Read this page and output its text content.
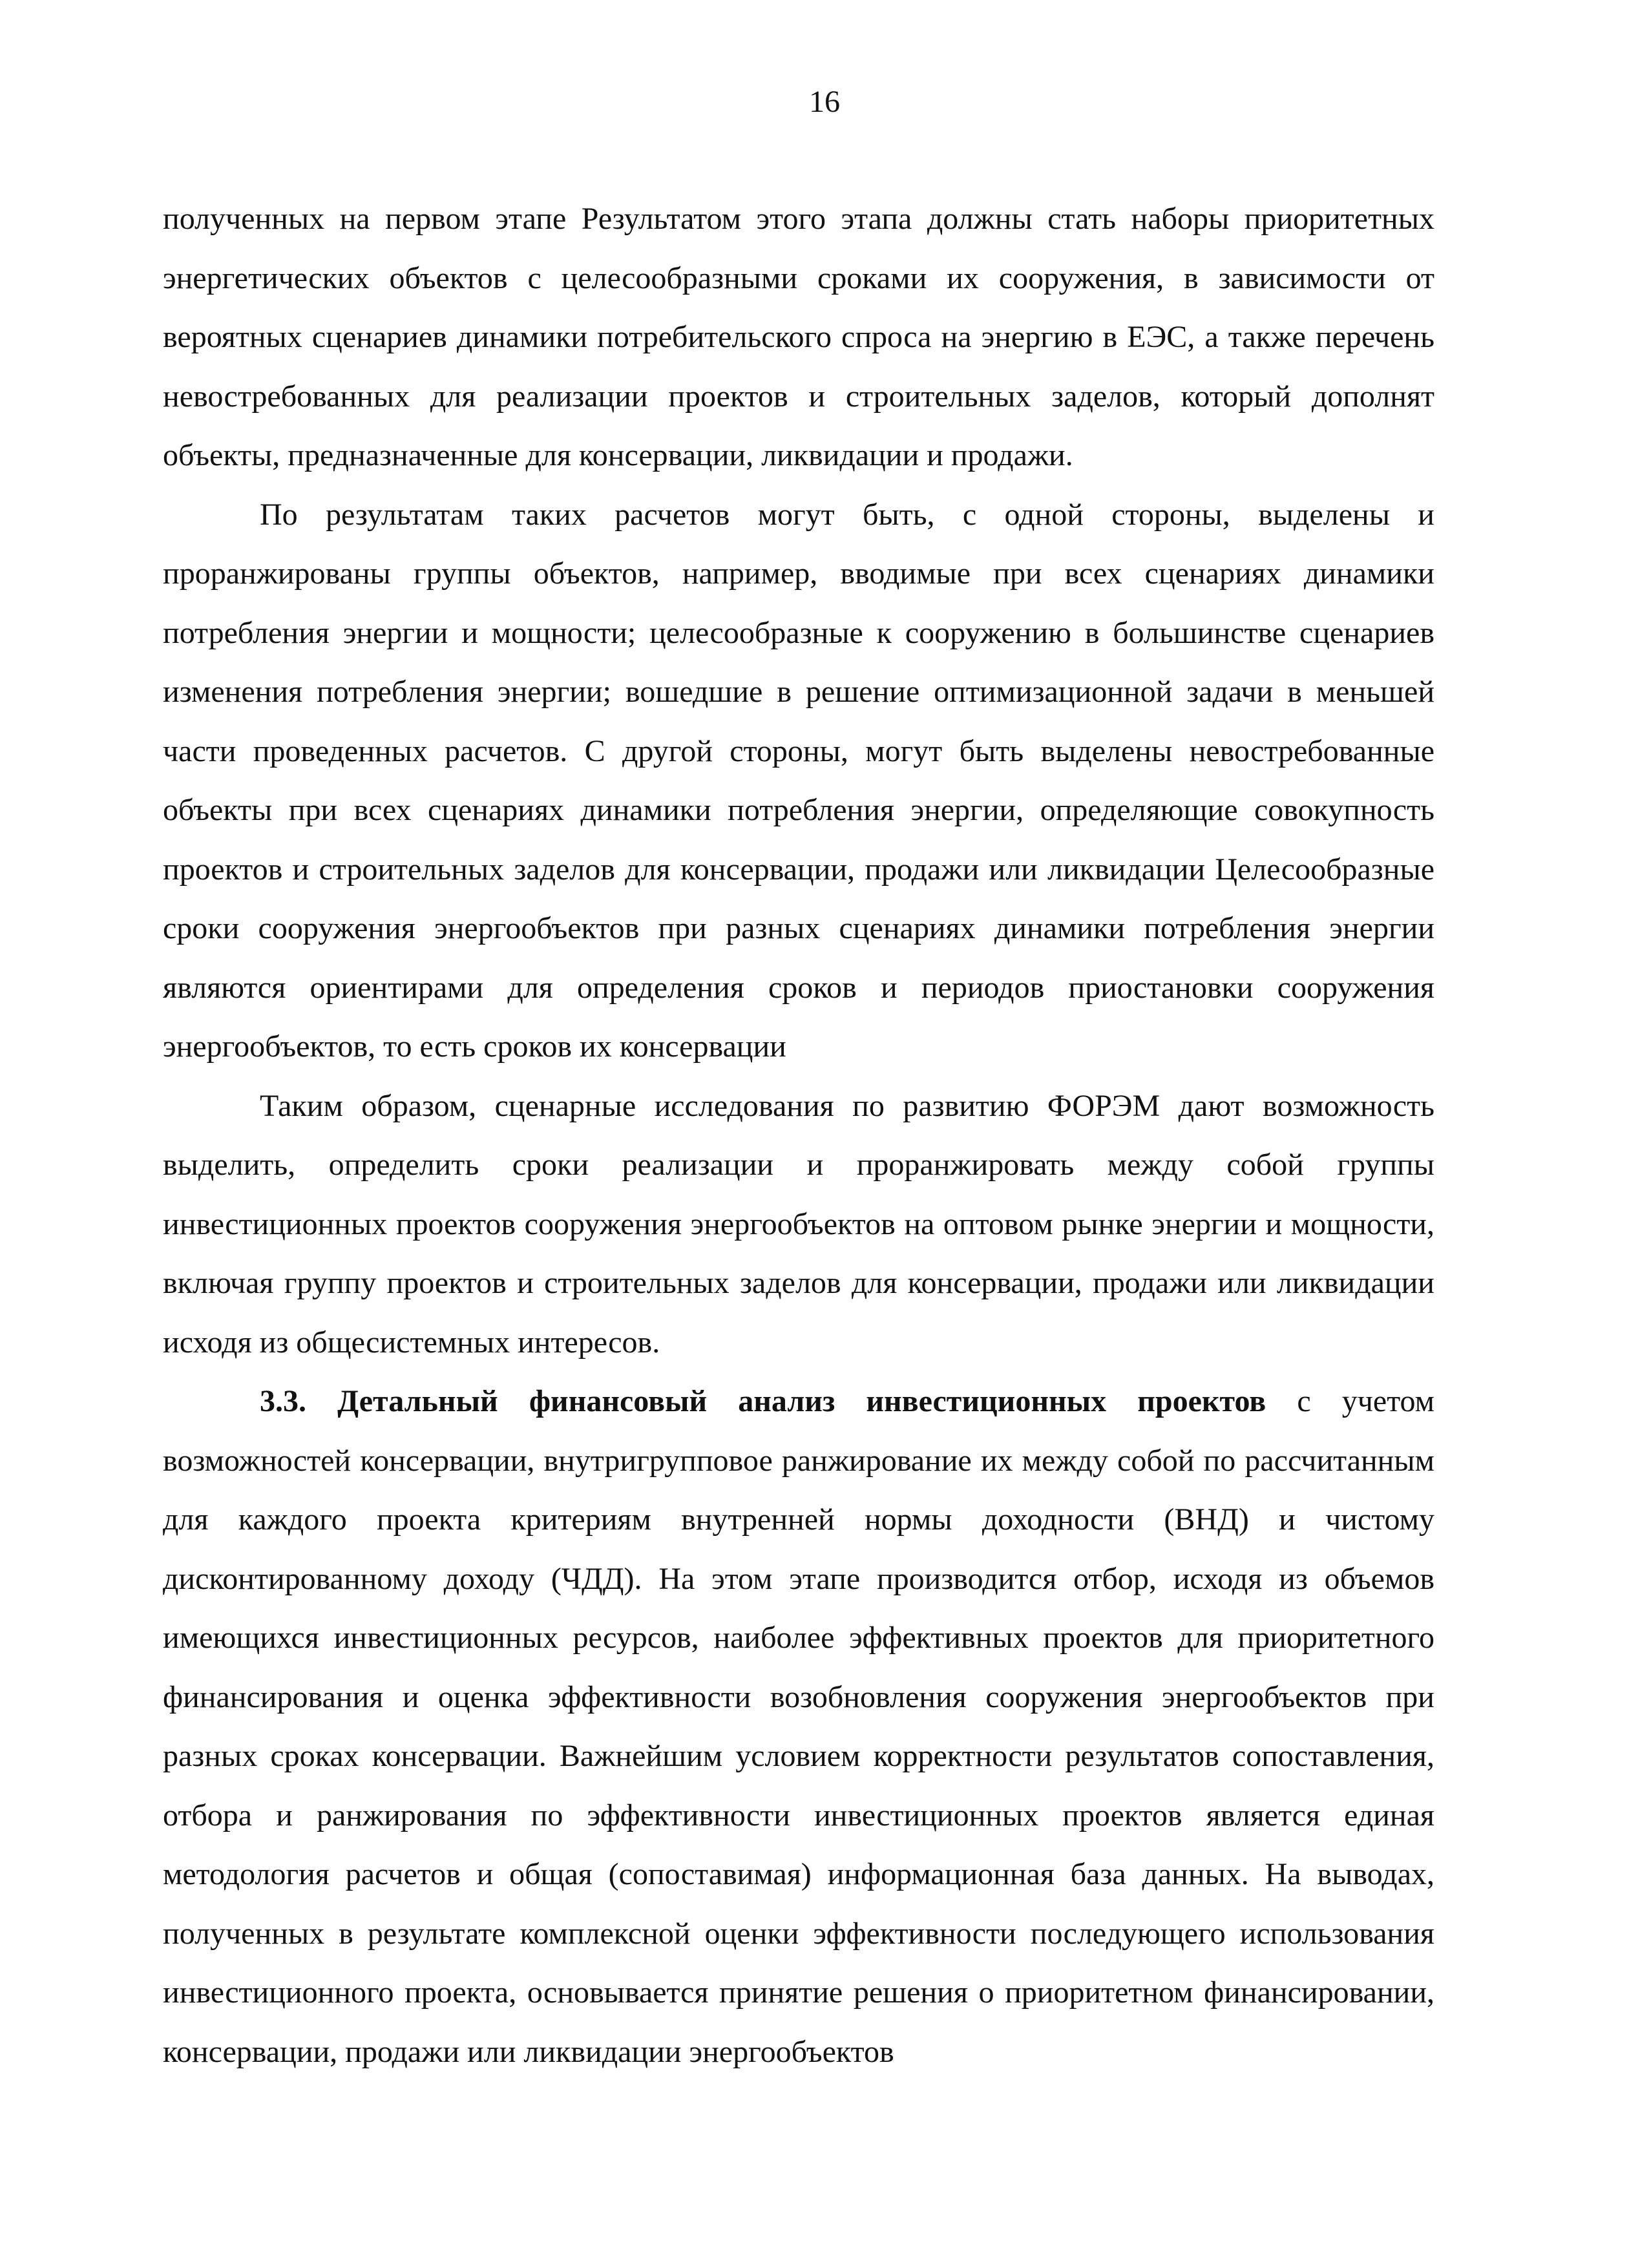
16

полученных на первом этапе Результатом этого этапа должны стать наборы приоритетных энергетических объектов с целесообразными сроками их сооружения, в зависимости от вероятных сценариев динамики потребительского спроса на энергию в ЕЭС, а также перечень невостребованных для реализации проектов и строительных заделов, который дополнят объекты, предназначенные для консервации, ликвидации и продажи.

По результатам таких расчетов могут быть, с одной стороны, выделены и проранжированы группы объектов, например, вводимые при всех сценариях динамики потребления энергии и мощности; целесообразные к сооружению в большинстве сценариев изменения потребления энергии; вошедшие в решение оптимизационной задачи в меньшей части проведенных расчетов. С другой стороны, могут быть выделены невостребованные объекты при всех сценариях динамики потребления энергии, определяющие совокупность проектов и строительных заделов для консервации, продажи или ликвидации Целесообразные сроки сооружения энергообъектов при разных сценариях динамики потребления энергии являются ориентирами для определения сроков и периодов приостановки сооружения энергообъектов, то есть сроков их консервации

Таким образом, сценарные исследования по развитию ФОРЭМ дают возможность выделить, определить сроки реализации и проранжировать между собой группы инвестиционных проектов сооружения энергообъектов на оптовом рынке энергии и мощности, включая группу проектов и строительных заделов для консервации, продажи или ликвидации исходя из общесистемных интересов.

3.3. Детальный финансовый анализ инвестиционных проектов с учетом возможностей консервации, внутригрупповое ранжирование их между собой по рассчитанным для каждого проекта критериям внутренней нормы доходности (ВНД) и чистому дисконтированному доходу (ЧДД). На этом этапе производится отбор, исходя из объемов имеющихся инвестиционных ресурсов, наиболее эффективных проектов для приоритетного финансирования и оценка эффективности возобновления сооружения энергообъектов при разных сроках консервации. Важнейшим условием корректности результатов сопоставления, отбора и ранжирования по эффективности инвестиционных проектов является единая методология расчетов и общая (сопоставимая) информационная база данных. На выводах, полученных в результате комплексной оценки эффективности последующего использования инвестиционного проекта, основывается принятие решения о приоритетном финансировании, консервации, продажи или ликвидации энергообъектов
